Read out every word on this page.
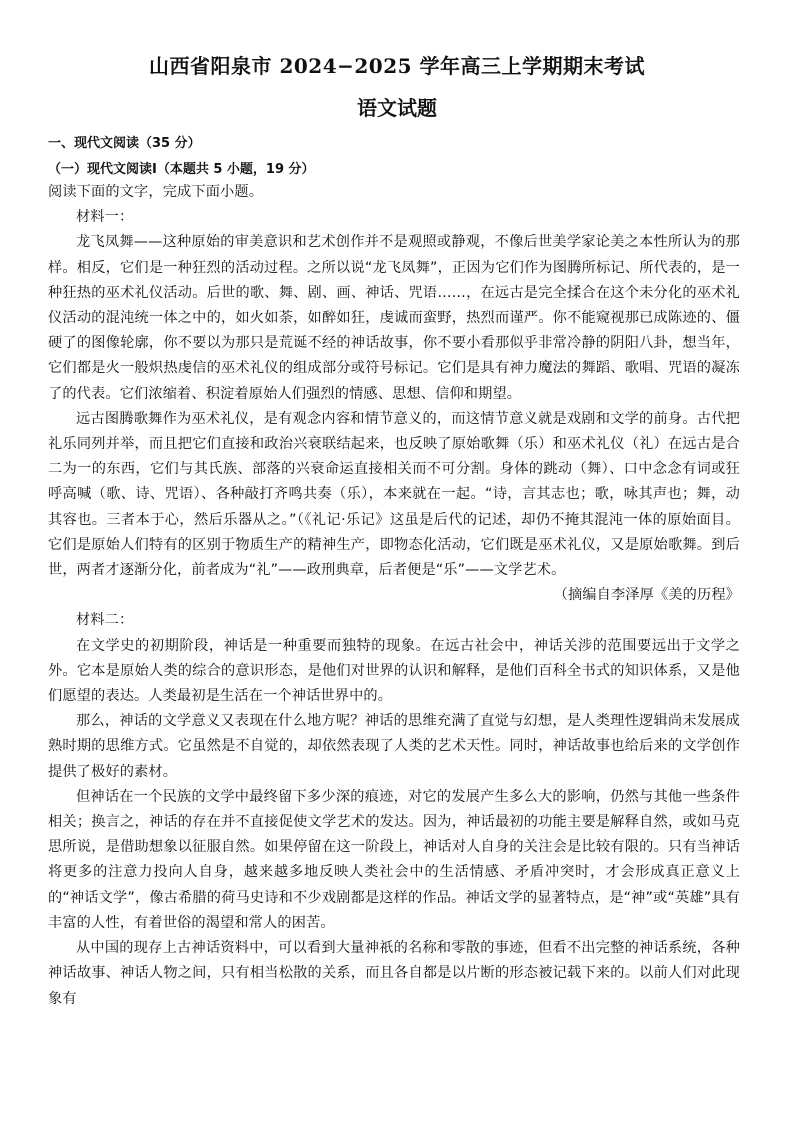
山西省阳泉市 2024−2025 学年高三上学期期末考试
语文试题
一、现代文阅读（35 分）
（一）现代文阅读Ⅰ（本题共 5 小题，19 分）

阅读下面的文字，完成下面小题。

材料一：

龙飞凤舞——这种原始的审美意识和艺术创作并不是观照或静观，不像后世美学家论美之本性所认为的那样。相反，它们是一种狂烈的活动过程。之所以说“龙飞凤舞”，正因为它们作为图腾所标记、所代表的，是一种狂热的巫术礼仪活动。后世的歌、舞、剧、画、神话、咒语……，在远古是完全揉合在这个未分化的巫术礼仪活动的混沌统一体之中的，如火如荼，如醉如狂，虔诚而蛮野，热烈而谨严。你不能窥视那已成陈迹的、僵硬了的图像轮廓，你不要以为那只是荒诞不经的神话故事，你不要小看那似乎非常冷静的阴阳八卦，想当年，它们都是火一般炽热虔信的巫术礼仪的组成部分或符号标记。它们是具有神力魔法的舞蹈、歌唱、咒语的凝冻了的代表。它们浓缩着、积淀着原始人们强烈的情感、思想、信仰和期望。

远古图腾歌舞作为巫术礼仪，是有观念内容和情节意义的，而这情节意义就是戏剧和文学的前身。古代把礼乐同列并举，而且把它们直接和政治兴衰联结起来，也反映了原始歌舞（乐）和巫术礼仪（礼）在远古是合二为一的东西，它们与其氏族、部落的兴衰命运直接相关而不可分割。身体的跳动（舞）、口中念念有词或狂呼高喊（歌、诗、咒语）、各种敲打齐鸣共奏（乐），本来就在一起。“诗，言其志也；歌，咏其声也；舞，动其容也。三者本于心，然后乐器从之。”（《礼记·乐记》这虽是后代的记述，却仍不掩其混沌一体的原始面目。它们是原始人们特有的区别于物质生产的精神生产，即物态化活动，它们既是巫术礼仪，又是原始歌舞。到后世，两者才逐渐分化，前者成为“礼”——政刑典章，后者便是“乐”——文学艺术。

（摘编自李泽厚《美的历程》

材料二：

在文学史的初期阶段，神话是一种重要而独特的现象。在远古社会中，神话关涉的范围要远出于文学之外。它本是原始人类的综合的意识形态，是他们对世界的认识和解释，是他们百科全书式的知识体系，又是他们愿望的表达。人类最初是生活在一个神话世界中的。

那么，神话的文学意义又表现在什么地方呢？神话的思维充满了直觉与幻想，是人类理性逻辑尚未发展成熟时期的思维方式。它虽然是不自觉的，却依然表现了人类的艺术天性。同时，神话故事也给后来的文学创作提供了极好的素材。

但神话在一个民族的文学中最终留下多少深的痕迹，对它的发展产生多么大的影响，仍然与其他一些条件相关；换言之，神话的存在并不直接促使文学艺术的发达。因为，神话最初的功能主要是解释自然，或如马克思所说，是借助想象以征服自然。如果停留在这一阶段上，神话对人自身的关注会是比较有限的。只有当神话将更多的注意力投向人自身，越来越多地反映人类社会中的生活情感、矛盾冲突时，才会形成真正意义上的“神话文学”，像古希腊的荷马史诗和不少戏剧都是这样的作品。神话文学的显著特点，是“神”或“英雄”具有丰富的人性，有着世俗的渴望和常人的困苦。

从中国的现存上古神话资料中，可以看到大量神祇的名称和零散的事迹，但看不出完整的神话系统，各种神话故事、神话人物之间，只有相当松散的关系，而且各自都是以片断的形态被记载下来的。以前人们对此现象有
